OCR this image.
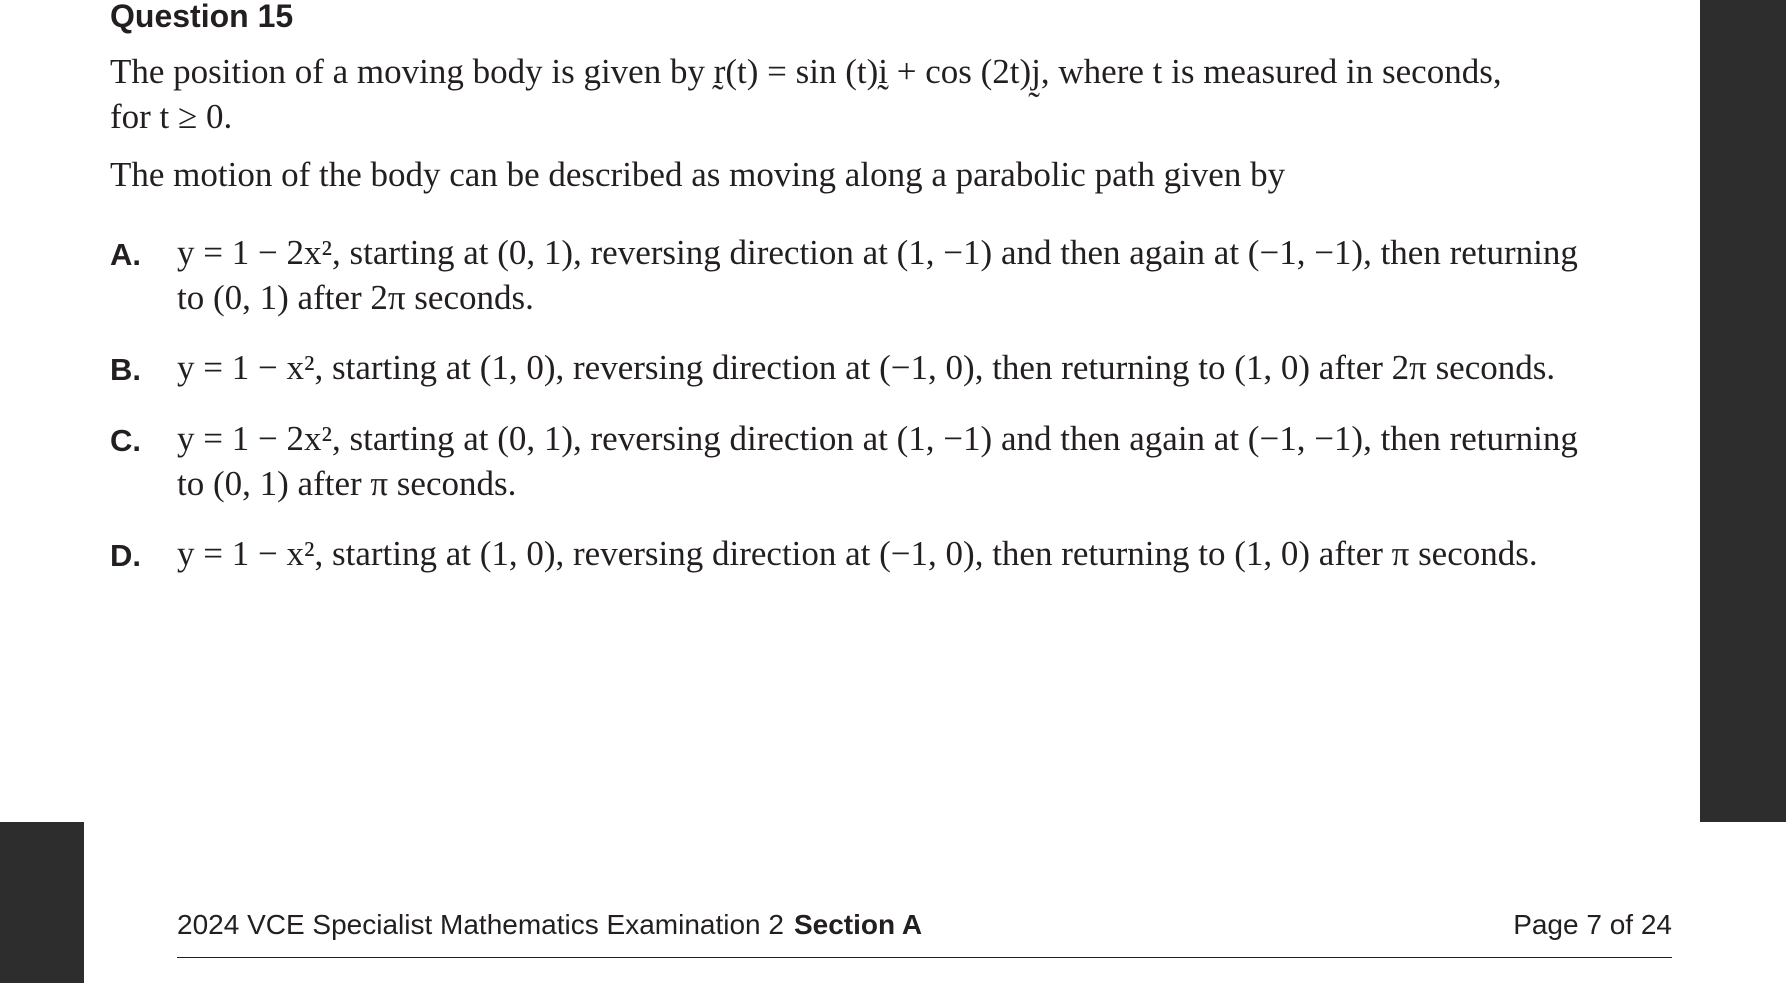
Question 15
The position of a moving body is given by r̰(t) = sin (t)ḭ + cos (2t)j̰, where t is measured in seconds,
for t ≥ 0.
The motion of the body can be described as moving along a parabolic path given by
A. y = 1 − 2x², starting at (0, 1), reversing direction at (1, −1) and then again at (−1, −1), then returning
to (0, 1) after 2π seconds.
B. y = 1 − x², starting at (1, 0), reversing direction at (−1, 0), then returning to (1, 0) after 2π seconds.
C. y = 1 − 2x², starting at (0, 1), reversing direction at (1, −1) and then again at (−1, −1), then returning
to (0, 1) after π seconds.
D. y = 1 − x², starting at (1, 0), reversing direction at (−1, 0), then returning to (1, 0) after π seconds.
2024 VCE Specialist Mathematics Examination 2 Section A	Page 7 of 24
